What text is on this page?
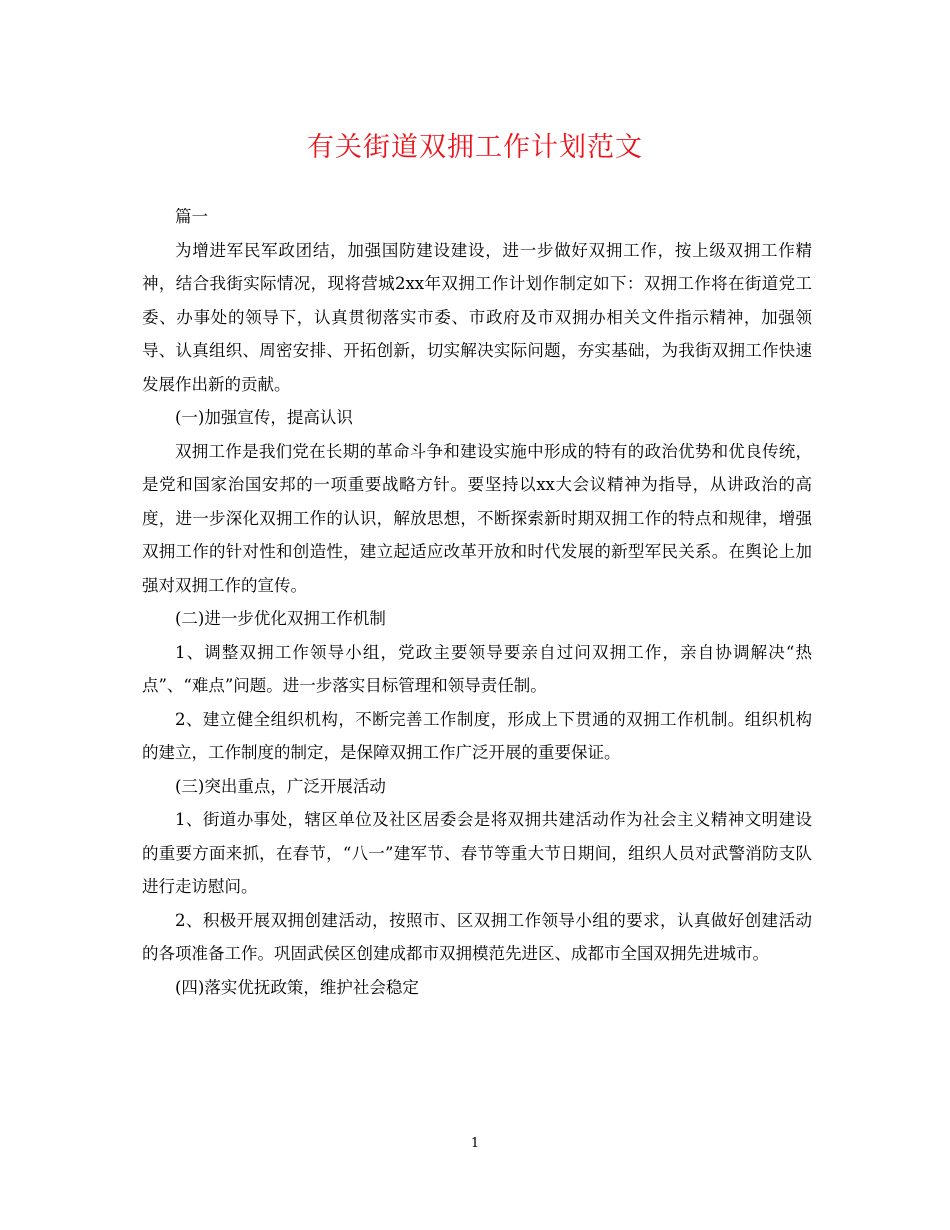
有关街道双拥工作计划范文

篇一

为增进军民军政团结，加强国防建设建设，进一步做好双拥工作，按上级双拥工作精神，结合我街实际情况，现将营城2xx年双拥工作计划作制定如下：双拥工作将在街道党工委、办事处的领导下，认真贯彻落实市委、市政府及市双拥办相关文件指示精神，加强领导、认真组织、周密安排、开拓创新，切实解决实际问题，夯实基础，为我街双拥工作快速发展作出新的贡献。

(一)加强宣传，提高认识

双拥工作是我们党在长期的革命斗争和建设实施中形成的特有的政治优势和优良传统，是党和国家治国安邦的一项重要战略方针。要坚持以xx大会议精神为指导，从讲政治的高度，进一步深化双拥工作的认识，解放思想，不断探索新时期双拥工作的特点和规律，增强双拥工作的针对性和创造性，建立起适应改革开放和时代发展的新型军民关系。在舆论上加强对双拥工作的宣传。

(二)进一步优化双拥工作机制

1、调整双拥工作领导小组，党政主要领导要亲自过问双拥工作，亲自协调解决“热点”、“难点”问题。进一步落实目标管理和领导责任制。

2、建立健全组织机构，不断完善工作制度，形成上下贯通的双拥工作机制。组织机构的建立，工作制度的制定，是保障双拥工作广泛开展的重要保证。

(三)突出重点，广泛开展活动

1、街道办事处，辖区单位及社区居委会是将双拥共建活动作为社会主义精神文明建设的重要方面来抓，在春节，“八一”建军节、春节等重大节日期间，组织人员对武警消防支队进行走访慰问。

2、积极开展双拥创建活动，按照市、区双拥工作领导小组的要求，认真做好创建活动的各项准备工作。巩固武侯区创建成都市双拥模范先进区、成都市全国双拥先进城市。

(四)落实优抚政策，维护社会稳定

1
